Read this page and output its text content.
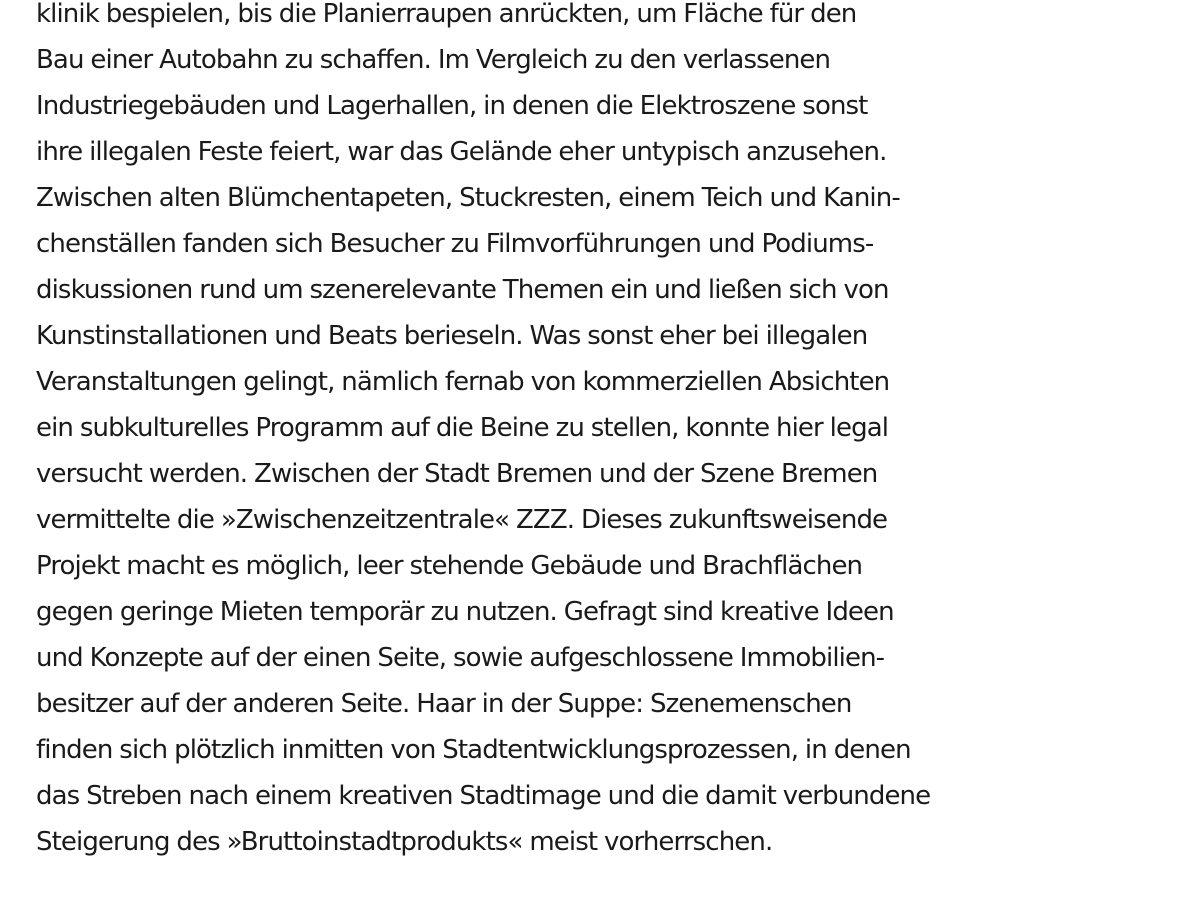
klinik bespielen, bis die Planierraupen anrückten, um Fläche für den
Bau einer Autobahn zu schaffen. Im Vergleich zu den verlassenen
Industriegebäuden und Lagerhallen, in denen die Elektroszene sonst
ihre illegalen Feste feiert, war das Gelände eher untypisch anzusehen.
Zwischen alten Blümchentapeten, Stuckresten, einem Teich und Kanin-
chenställen fanden sich Besucher zu Filmvorführungen und Podiums-
diskussionen rund um szenerelevante Themen ein und ließen sich von
Kunstinstallationen und Beats berieseln. Was sonst eher bei illegalen
Veranstaltungen gelingt, nämlich fernab von kommerziellen Absichten
ein subkulturelles Programm auf die Beine zu stellen, konnte hier legal
versucht werden. Zwischen der Stadt Bremen und der Szene Bremen
vermittelte die »Zwischenzeitzentrale« ZZZ. Dieses zukunftsweisende
Projekt macht es möglich, leer stehende Gebäude und Brachflächen
gegen geringe Mieten temporär zu nutzen. Gefragt sind kreative Ideen
und Konzepte auf der einen Seite, sowie aufgeschlossene Immobilien-
besitzer auf der anderen Seite. Haar in der Suppe: Szenemenschen
finden sich plötzlich inmitten von Stadtentwicklungsprozessen, in denen
das Streben nach einem kreativen Stadtimage und die damit verbundene
Steigerung des »Bruttoinstadtprodukts« meist vorherrschen.
